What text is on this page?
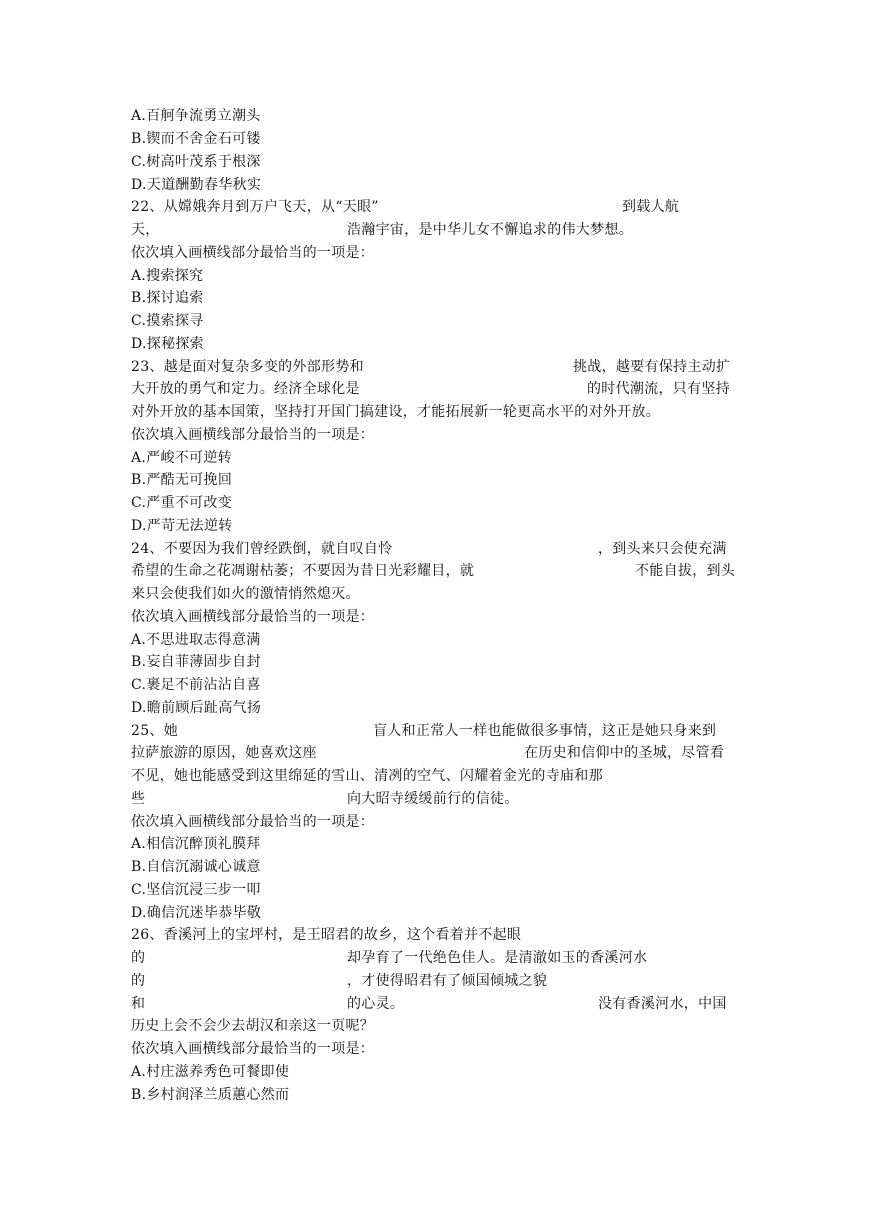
A.百舸争流勇立潮头
B.锲而不舍金石可镂
C.树高叶茂系于根深
D.天道酬勤春华秋实
22、从嫦娥奔月到万户飞天，从“天眼”	到载人航
天，	浩瀚宇宙，是中华儿女不懈追求的伟大梦想。
依次填入画横线部分最恰当的一项是：
A.搜索探究
B.探讨追索
C.摸索探寻
D.探秘探索
23、越是面对复杂多变的外部形势和	挑战，越要有保持主动扩
大开放的勇气和定力。经济全球化是	的时代潮流，只有坚持
对外开放的基本国策，坚持打开国门搞建设，才能拓展新一轮更高水平的对外开放。
依次填入画横线部分最恰当的一项是：
A.严峻不可逆转
B.严酷无可挽回
C.严重不可改变
D.严苛无法逆转
24、不要因为我们曾经跌倒，就自叹自怜	，到头来只会使充满
希望的生命之花凋谢枯萎；不要因为昔日光彩耀目，就	不能自拔，到头
来只会使我们如火的激情悄然熄灭。
依次填入画横线部分最恰当的一项是：
A.不思进取志得意满
B.妄自菲薄固步自封
C.裹足不前沾沾自喜
D.瞻前顾后趾高气扬
25、她	盲人和正常人一样也能做很多事情，这正是她只身来到
拉萨旅游的原因，她喜欢这座	在历史和信仰中的圣城，尽管看
不见，她也能感受到这里绵延的雪山、清冽的空气、闪耀着金光的寺庙和那
些	向大昭寺缓缓前行的信徒。
依次填入画横线部分最恰当的一项是：
A.相信沉醉顶礼膜拜
B.自信沉溺诚心诚意
C.坚信沉浸三步一叩
D.确信沉迷毕恭毕敬
26、香溪河上的宝坪村，是王昭君的故乡，这个看着并不起眼
的	却孕育了一代绝色佳人。是清澈如玉的香溪河水
的	，才使得昭君有了倾国倾城之貌
和	的心灵。	没有香溪河水，中国
历史上会不会少去胡汉和亲这一页呢？
依次填入画横线部分最恰当的一项是：
A.村庄滋养秀色可餐即使
B.乡村润泽兰质蕙心然而
